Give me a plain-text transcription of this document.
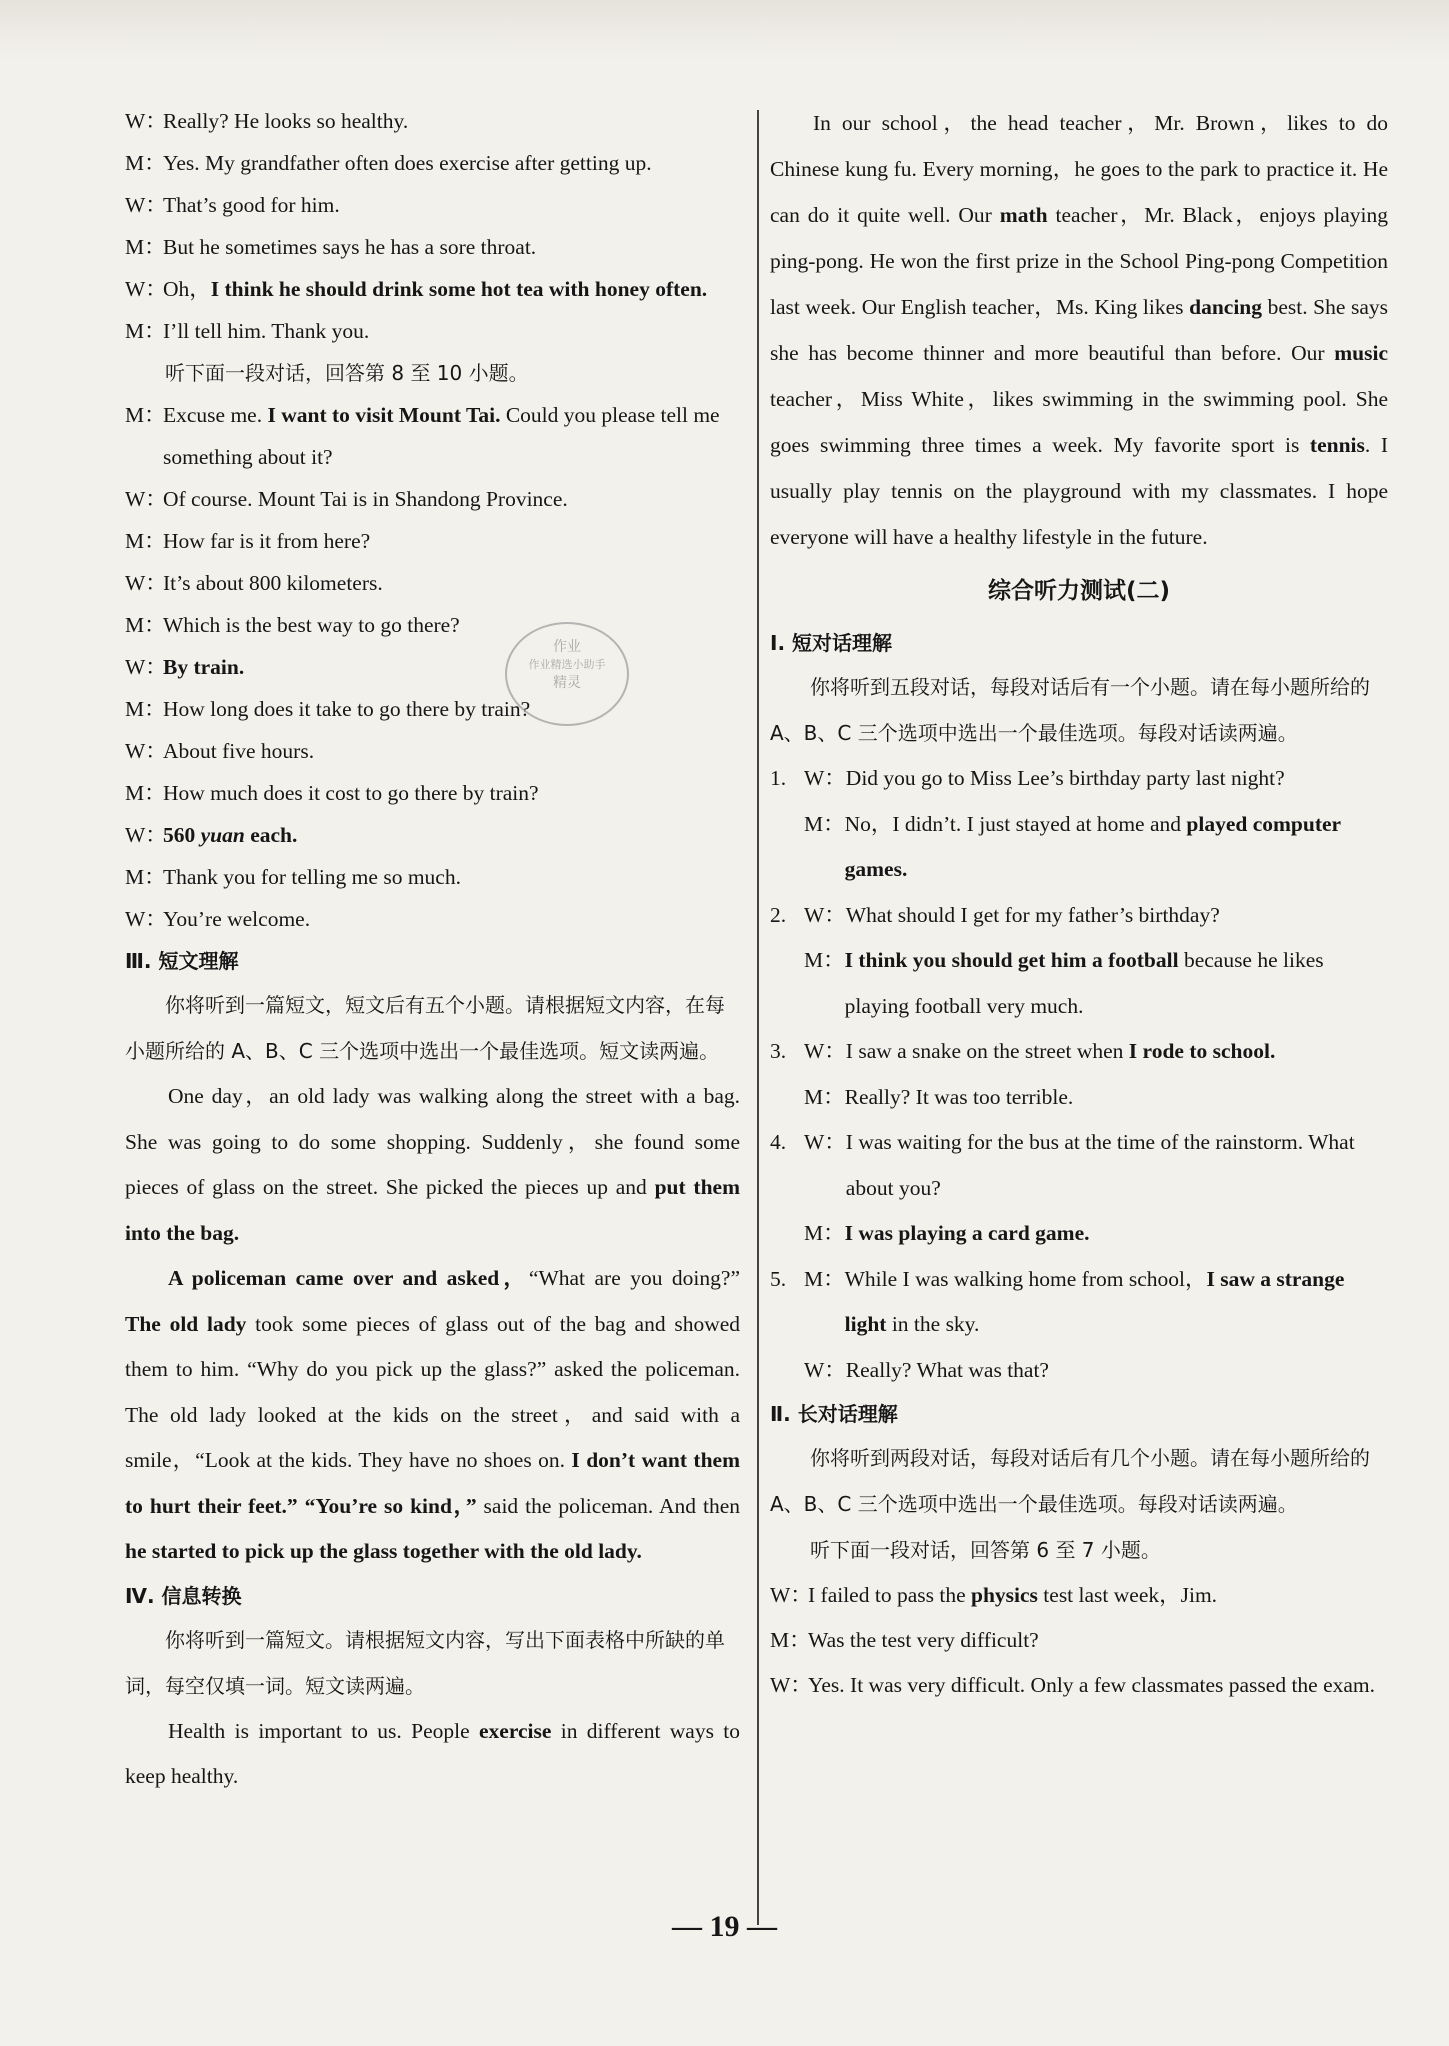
W：
Really? He looks so healthy.
M：
Yes. My grandfather often does exercise after getting up.
W：
That’s good for him.
M：
But he sometimes says he has a sore throat.
W：
Oh，I think he should drink some hot tea with honey often.
M：
I’ll tell him. Thank you.
听下面一段对话，回答第 8 至 10 小题。
M：
Excuse me. I want to visit Mount Tai. Could you please tell me something about it?
W：
Of course. Mount Tai is in Shandong Province.
M：
How far is it from here?
W：
It’s about 800 kilometers.
M：
Which is the best way to go there?
W：
By train.
M：
How long does it take to go there by train?
W：
About five hours.
M：
How much does it cost to go there by train?
W：
560 yuan each.
M：
Thank you for telling me so much.
W：
You’re welcome.
Ⅲ. 短文理解
你将听到一篇短文，短文后有五个小题。请根据短文内容，在每小题所给的 A、B、C 三个选项中选出一个最佳选项。短文读两遍。
One day，an old lady was walking along the street with a bag. She was going to do some shopping. Suddenly，she found some pieces of glass on the street. She picked the pieces up and put them into the bag.
A policeman came over and asked，“What are you doing?” The old lady took some pieces of glass out of the bag and showed them to him. “Why do you pick up the glass?” asked the policeman. The old lady looked at the kids on the street，and said with a smile，“Look at the kids. They have no shoes on. I don’t want them to hurt their feet.” “You’re so kind，” said the policeman. And then he started to pick up the glass together with the old lady.
Ⅳ. 信息转换
你将听到一篇短文。请根据短文内容，写出下面表格中所缺的单词，每空仅填一词。短文读两遍。
Health is important to us. People exercise in different ways to keep healthy.
In our school，the head teacher，Mr. Brown，likes to do Chinese kung fu. Every morning，he goes to the park to practice it. He can do it quite well. Our math teacher，Mr. Black，enjoys playing ping-pong. He won the first prize in the School Ping-pong Competition last week. Our English teacher，Ms. King likes dancing best. She says she has become thinner and more beautiful than before. Our music teacher，Miss White，likes swimming in the swimming pool. She goes swimming three times a week. My favorite sport is tennis. I usually play tennis on the playground with my classmates. I hope everyone will have a healthy lifestyle in the future.
综合听力测试(二)
Ⅰ. 短对话理解
你将听到五段对话，每段对话后有一个小题。请在每小题所给的 A、B、C 三个选项中选出一个最佳选项。每段对话读两遍。
1. W： Did you go to Miss Lee’s birthday party last night?
M： No，I didn’t. I just stayed at home and played computer games.
2. W： What should I get for my father’s birthday?
M： I think you should get him a football because he likes playing football very much.
3. W： I saw a snake on the street when I rode to school.
M： Really? It was too terrible.
4. W： I was waiting for the bus at the time of the rainstorm. What about you?
M： I was playing a card game.
5. M： While I was walking home from school，I saw a strange light in the sky.
W： Really? What was that?
Ⅱ. 长对话理解
你将听到两段对话，每段对话后有几个小题。请在每小题所给的 A、B、C 三个选项中选出一个最佳选项。每段对话读两遍。
听下面一段对话，回答第 6 至 7 小题。
W：
I failed to pass the physics test last week，Jim.
M：
Was the test very difficult?
W：
Yes. It was very difficult. Only a few classmates passed the exam.
作业
作业精选小助手
精灵
— 19 —
